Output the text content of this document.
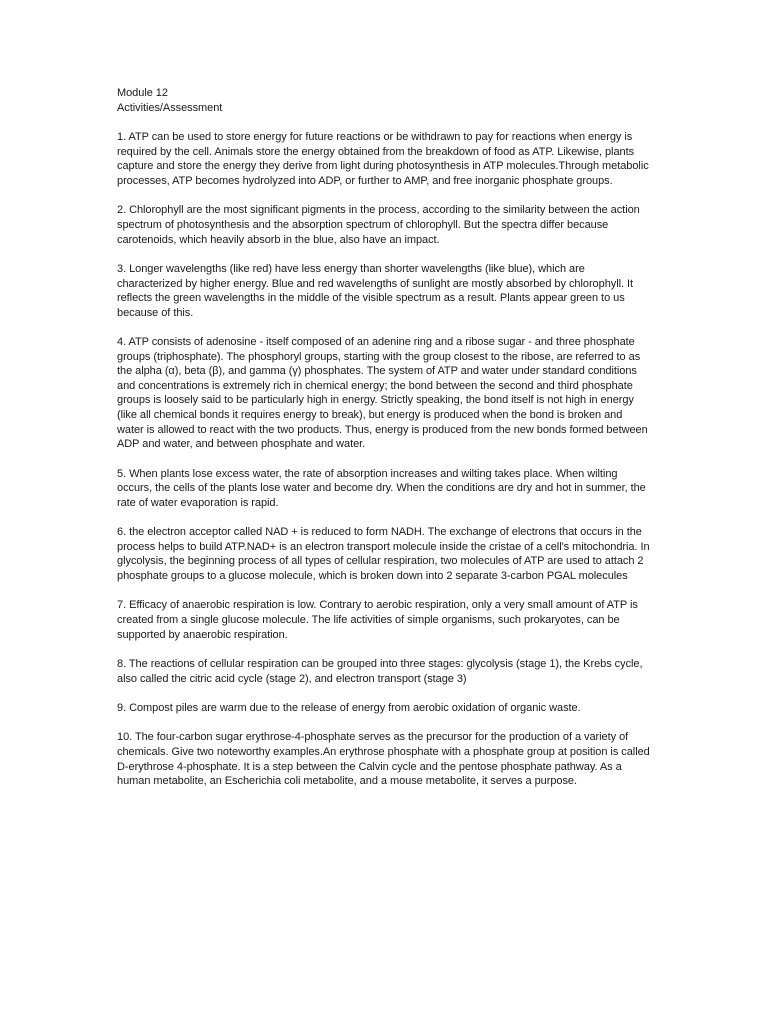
Module 12

Activities/Assessment

1. ATP can be used to store energy for future reactions or be withdrawn to pay for reactions when energy is required by the cell. Animals store the energy obtained from the breakdown of food as ATP. Likewise, plants capture and store the energy they derive from light during photosynthesis in ATP molecules.Through metabolic processes, ATP becomes hydrolyzed into ADP, or further to AMP, and free inorganic phosphate groups.

2. Chlorophyll are the most significant pigments in the process, according to the similarity between the action spectrum of photosynthesis and the absorption spectrum of chlorophyll. But the spectra differ because carotenoids, which heavily absorb in the blue, also have an impact.

3. Longer wavelengths (like red) have less energy than shorter wavelengths (like blue), which are characterized by higher energy. Blue and red wavelengths of sunlight are mostly absorbed by chlorophyll. It reflects the green wavelengths in the middle of the visible spectrum as a result. Plants appear green to us because of this.

4. ATP consists of adenosine - itself composed of an adenine ring and a ribose sugar - and three phosphate groups (triphosphate). The phosphoryl groups, starting with the group closest to the ribose, are referred to as the alpha (α), beta (β), and gamma (γ) phosphates. The system of ATP and water under standard conditions and concentrations is extremely rich in chemical energy; the bond between the second and third phosphate groups is loosely said to be particularly high in energy. Strictly speaking, the bond itself is not high in energy (like all chemical bonds it requires energy to break), but energy is produced when the bond is broken and water is allowed to react with the two products. Thus, energy is produced from the new bonds formed between ADP and water, and between phosphate and water.

5. When plants lose excess water, the rate of absorption increases and wilting takes place. When wilting occurs, the cells of the plants lose water and become dry. When the conditions are dry and hot in summer, the rate of water evaporation is rapid.

6. the electron acceptor called NAD + is reduced to form NADH. The exchange of electrons that occurs in the process helps to build ATP.NAD+ is an electron transport molecule inside the cristae of a cell's mitochondria. In glycolysis, the beginning process of all types of cellular respiration, two molecules of ATP are used to attach 2 phosphate groups to a glucose molecule, which is broken down into 2 separate 3-carbon PGAL molecules

7. Efficacy of anaerobic respiration is low. Contrary to aerobic respiration, only a very small amount of ATP is created from a single glucose molecule. The life activities of simple organisms, such prokaryotes, can be supported by anaerobic respiration.

8. The reactions of cellular respiration can be grouped into three stages: glycolysis (stage 1), the Krebs cycle, also called the citric acid cycle (stage 2), and electron transport (stage 3)

9. Compost piles are warm due to the release of energy from aerobic oxidation of organic waste.

10. The four-carbon sugar erythrose-4-phosphate serves as the precursor for the production of a variety of chemicals. Give two noteworthy examples.An erythrose phosphate with a phosphate group at position is called D-erythrose 4-phosphate. It is a step between the Calvin cycle and the pentose phosphate pathway. As a human metabolite, an Escherichia coli metabolite, and a mouse metabolite, it serves a purpose.
